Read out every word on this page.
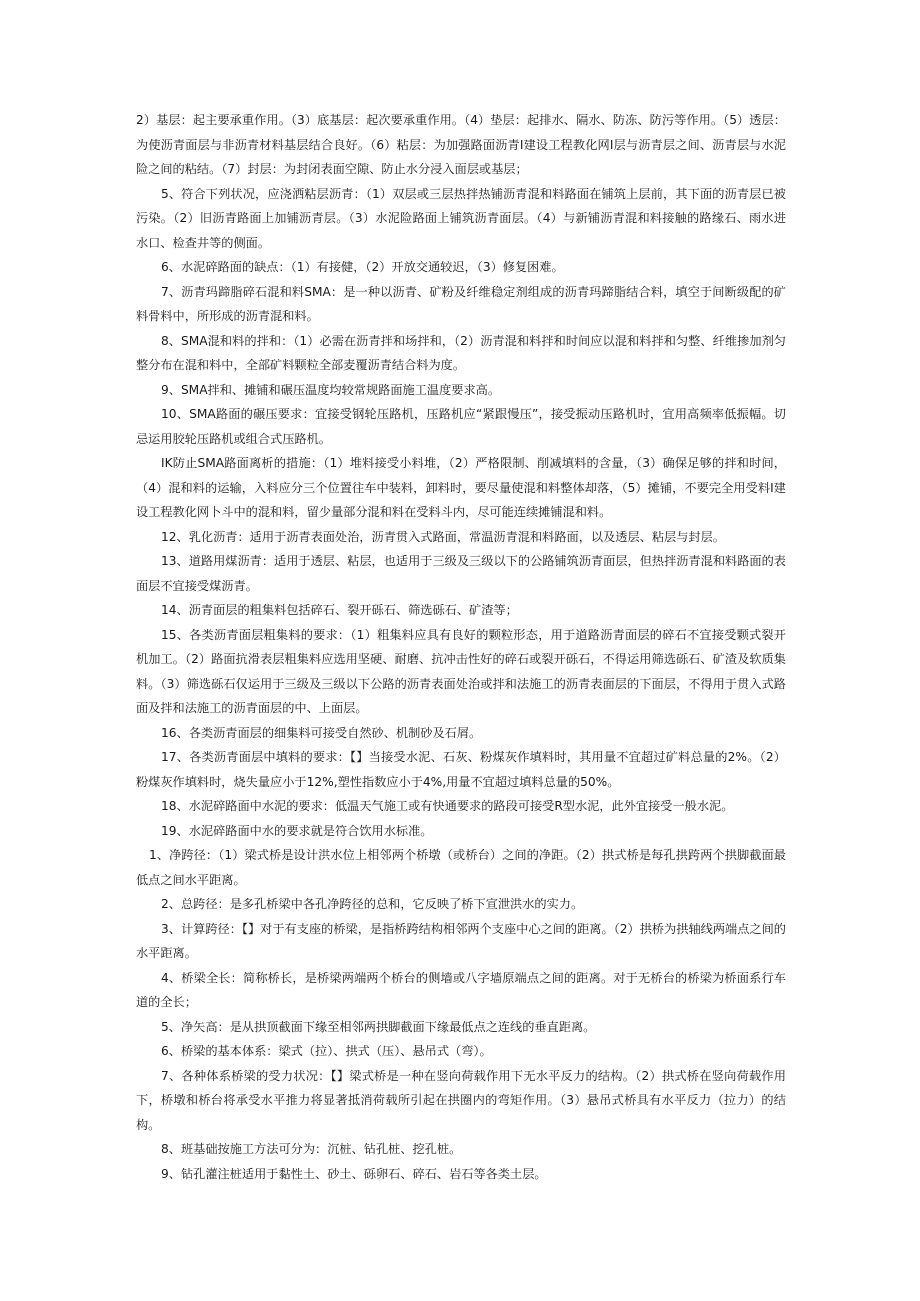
2）基层：起主要承重作用。（3）底基层：起次要承重作用。（4）垫层：起排水、隔水、防冻、防污等作用。（5）透层：为使沥青面层与非沥青材料基层结合良好。（6）粘层：为加强路面沥青Ⅰ建设工程教化网Ⅰ层与沥青层之间、沥青层与水泥险之间的粘结。（7）封层：为封闭表面空隙、防止水分浸入面层或基层；

5、符合下列状况，应浇洒粘层沥青：（1）双层或三层热拌热铺沥青混和料路面在铺筑上层前，其下面的沥青层已被污染。（2）旧沥青路面上加铺沥青层。（3）水泥险路面上铺筑沥青面层。（4）与新铺沥青混和料接触的路缘石、雨水进水口、检查井等的侧面。

6、水泥碎路面的缺点：（1）有接健，（2）开放交通较迟，（3）修复困难。

7、沥青玛蹄脂碎石混和料SMA：是一种以沥青、矿粉及纤维稳定剂组成的沥青玛蹄脂结合料，填空于间断级配的矿料骨料中，所形成的沥青混和料。

8、SMA混和料的拌和：（1）必需在沥青拌和场拌和，（2）沥青混和料拌和时间应以混和料拌和匀整、纤维掺加剂匀整分布在混和料中，全部矿料颗粒全部麦覆沥青结合料为度。

9、SMA拌和、摊铺和碾压温度均较常规路面施工温度要求高。

10、SMA路面的碾压要求：宜接受钢轮压路机，压路机应“紧跟慢压”，接受振动压路机时，宜用高频率低振幅。切忌运用胶轮压路机或组合式压路机。

IK防止SMA路面离析的措施：（1）堆料接受小料堆，（2）严格限制、削减填料的含量，（3）确保足够的拌和时间，（4）混和料的运输，入料应分三个位置往车中装料，卸料时，要尽量使混和料整体却落，（5）摊铺，不要完全用受料Ⅰ建设工程教化网卜斗中的混和料，留少量部分混和料在受料斗内，尽可能连续摊铺混和料。

12、乳化沥青：适用于沥青表面处治，沥青贯入式路面，常温沥青混和料路面，以及透层、粘层与封层。

13、道路用煤沥青：适用于透层、粘层，也适用于三级及三级以下的公路铺筑沥青面层，但热拌沥青混和料路面的表面层不宜接受煤沥青。

14、沥青面层的粗集料包括碎石、裂开砾石、筛选砾石、矿渣等；

15、各类沥青面层粗集料的要求：（1）粗集料应具有良好的颗粒形态，用于道路沥青面层的碎石不宜接受颗式裂开机加工。（2）路面抗滑表层粗集料应选用坚硬、耐磨、抗冲击性好的碎石或裂开砾石，不得运用筛选砾石、矿渣及软质集料。（3）筛选砾石仅运用于三级及三级以下公路的沥青表面处治或拌和法施工的沥青表面层的下面层，不得用于贯入式路面及拌和法施工的沥青面层的中、上面层。

16、各类沥青面层的细集料可接受自然砂、机制砂及石屑。

17、各类沥青面层中填料的要求：【】当接受水泥、石灰、粉煤灰作填料时，其用量不宜超过矿料总量的2%。（2）粉煤灰作填料时，烧失量应小于12%,塑性指数应小于4%,用量不宜超过填料总量的50%。

18、水泥碎路面中水泥的要求：低温天气施工或有快通要求的路段可接受R型水泥，此外宜接受一般水泥。

19、水泥碎路面中水的要求就是符合饮用水标准。

1、净跨径：（1）梁式桥是设计洪水位上相邻两个桥墩（或桥台）之间的净距。（2）拱式桥是每孔拱跨两个拱脚截面最低点之间水平距离。

2、总跨径：是多孔桥梁中各孔净跨径的总和，它反映了桥下宣泄洪水的实力。

3、计算跨径：【】对于有支座的桥梁，是指桥跨结构相邻两个支座中心之间的距离。（2）拱桥为拱轴线两端点之间的水平距离。

4、桥梁全长：简称桥长，是桥梁两端两个桥台的侧墙或八字墙原端点之间的距离。对于无桥台的桥梁为桥面系行车道的全长；

5、净矢高：是从拱顶截面下缘至相邻两拱脚截面下缘最低点之连线的垂直距离。

6、桥梁的基本体系：梁式（拉）、拱式（压）、悬吊式（弯）。

7、各种体系桥梁的受力状况：【】梁式桥是一种在竖向荷载作用下无水平反力的结构。（2）拱式桥在竖向荷载作用下，桥墩和桥台将承受水平推力将显著抵消荷载所引起在拱圈内的弯矩作用。（3）悬吊式桥具有水平反力（拉力）的结构。

8、班基础按施工方法可分为：沉桩、钻孔桩、挖孔桩。

9、钻孔灌注桩适用于黏性土、砂土、砾卵石、碎石、岩石等各类土层。
